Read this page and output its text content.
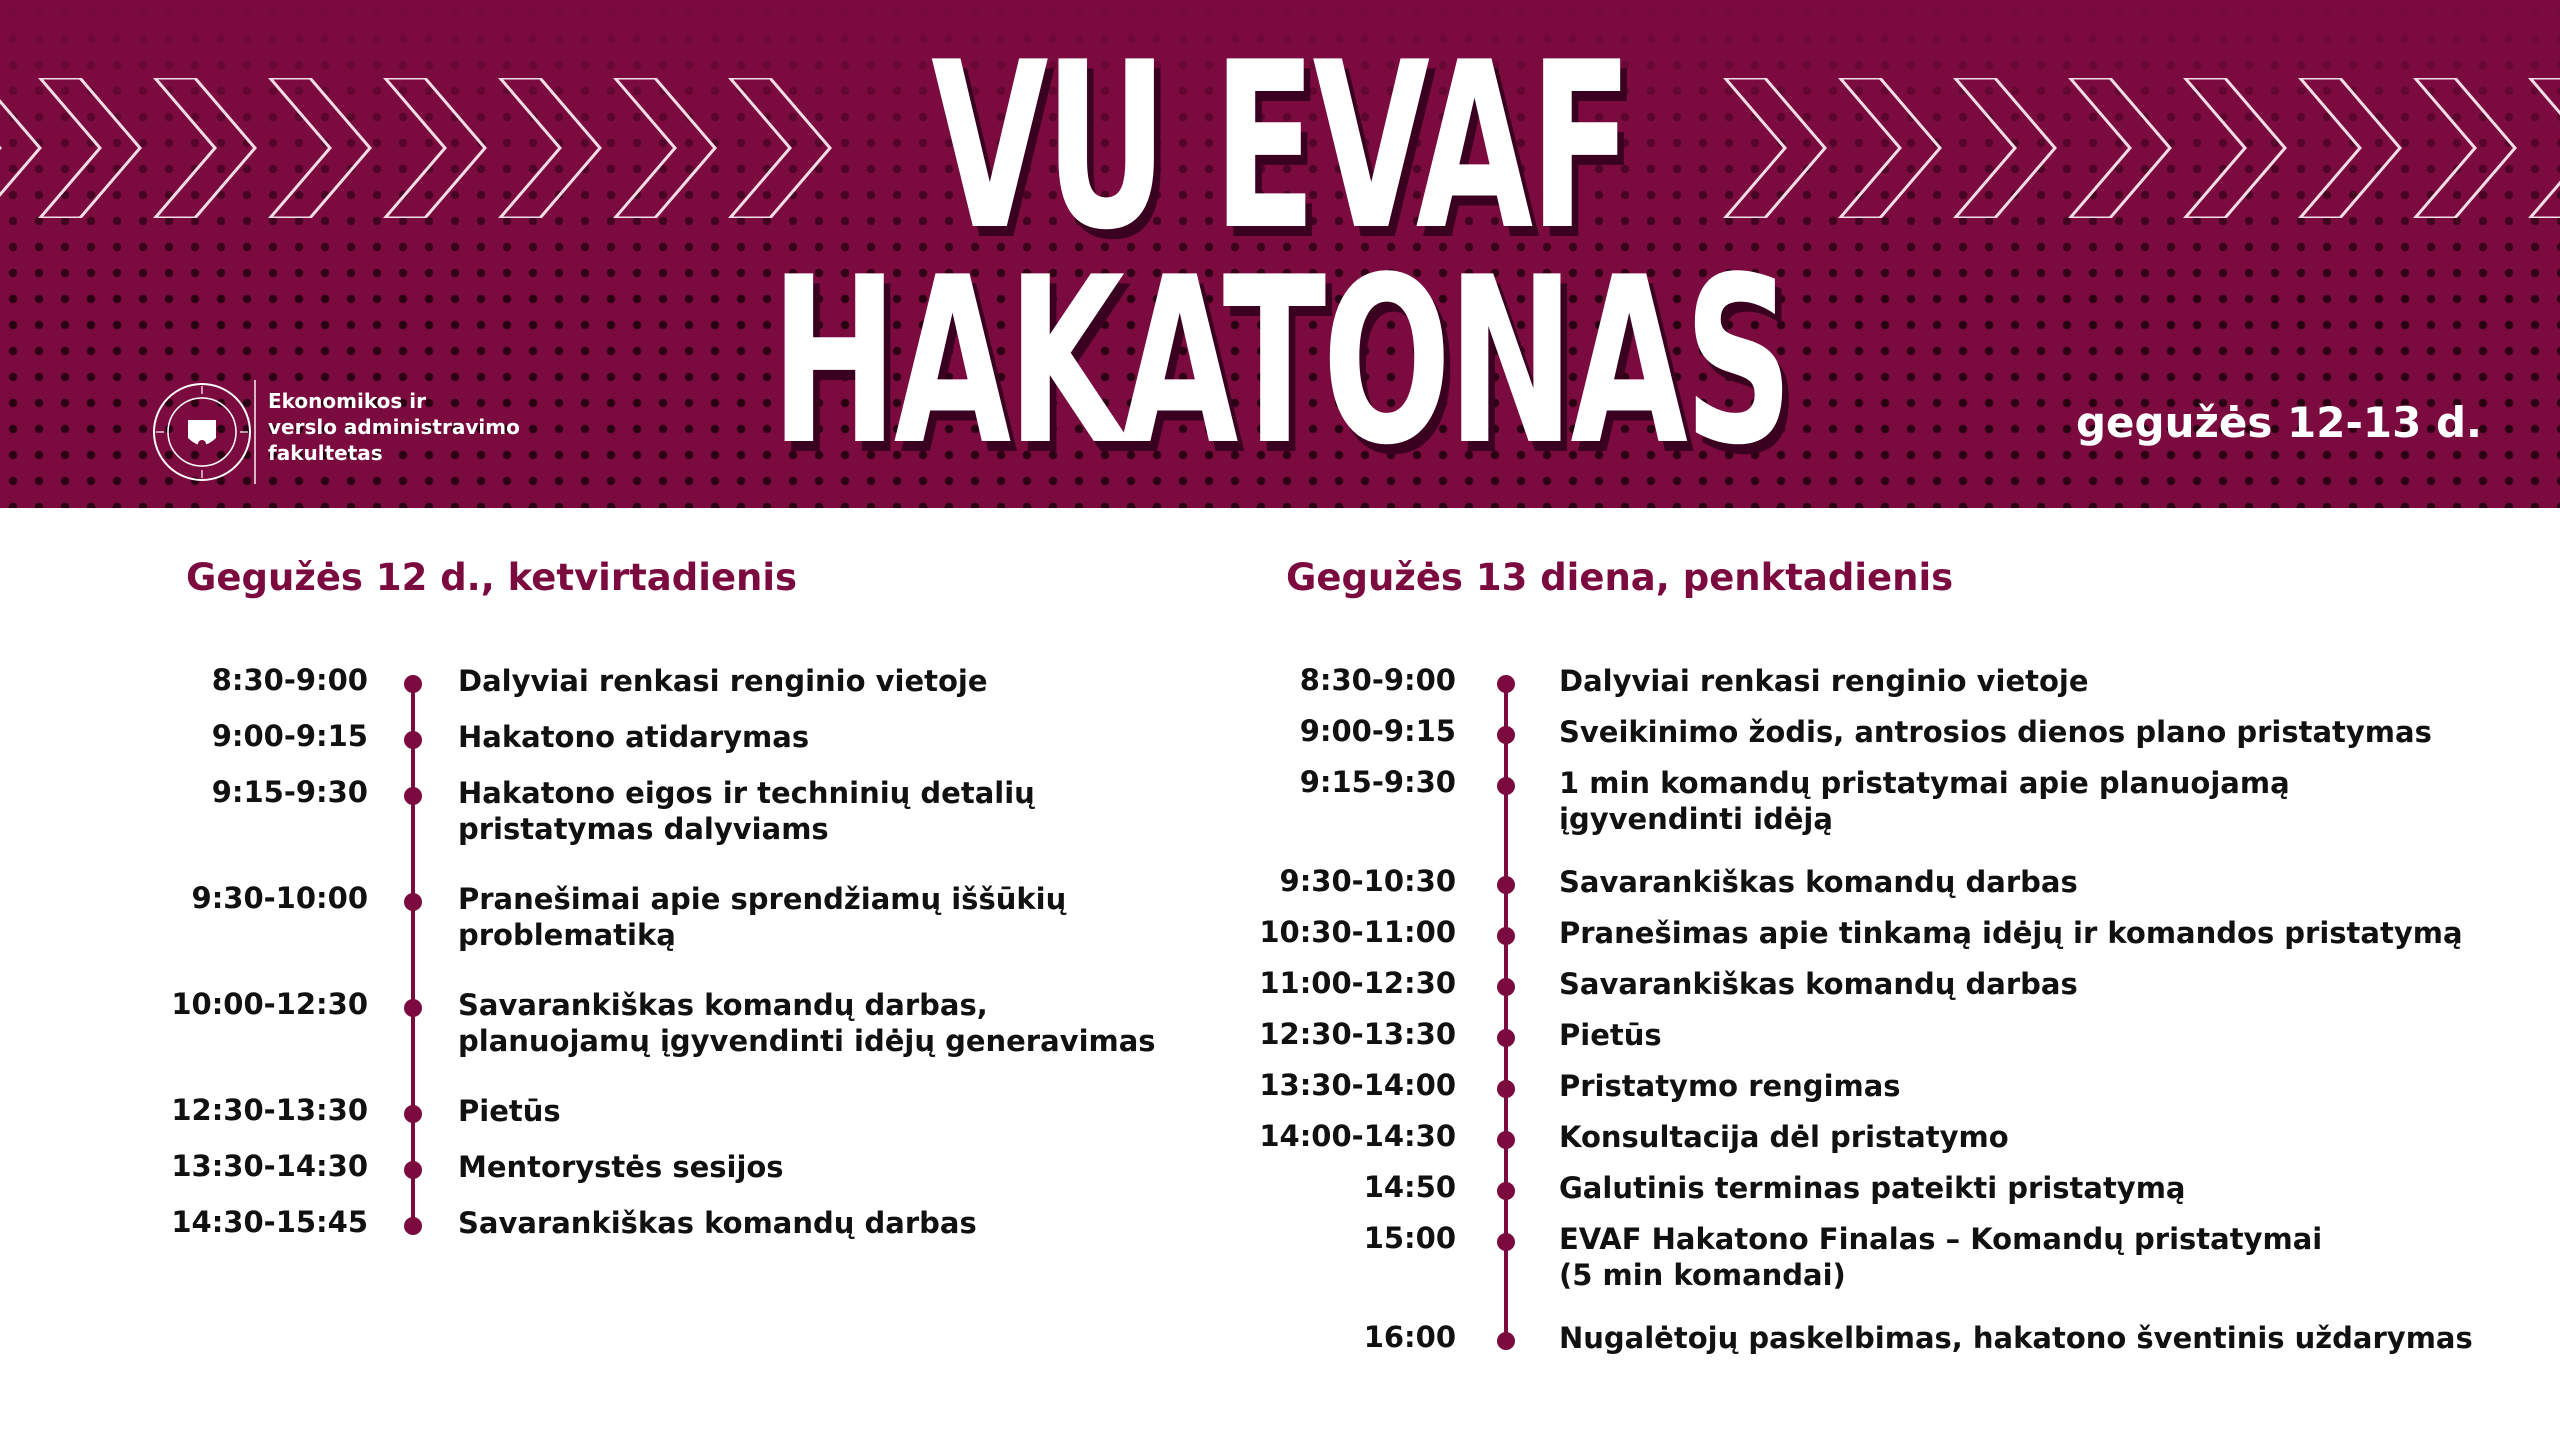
VU EVAF
HAKATONAS
Ekonomikos ir
verslo administravimo
fakultetas
gegužės 12-13 d.
Gegužės 12 d., ketvirtadienis	Gegužės 13 diena, penktadienis
8:30-9:00	Dalyviai renkasi renginio vietoje
9:00-9:15	Hakatono atidarymas
9:15-9:30	Hakatono eigos ir techninių detalių
pristatymas dalyviams
9:30-10:00	Pranešimai apie sprendžiamų iššūkių
problematiką
10:00-12:30	Savarankiškas komandų darbas,
planuojamų įgyvendinti idėjų generavimas
12:30-13:30	Pietūs
13:30-14:30	Mentorystės sesijos
14:30-15:45	Savarankiškas komandų darbas
8:30-9:00	Dalyviai renkasi renginio vietoje
9:00-9:15	Sveikinimo žodis, antrosios dienos plano pristatymas
9:15-9:30	1 min komandų pristatymai apie planuojamą
įgyvendinti idėją
9:30-10:30	Savarankiškas komandų darbas
10:30-11:00	Pranešimas apie tinkamą idėjų ir komandos pristatymą
11:00-12:30	Savarankiškas komandų darbas
12:30-13:30	Pietūs
13:30-14:00	Pristatymo rengimas
14:00-14:30	Konsultacija dėl pristatymo
14:50	Galutinis terminas pateikti pristatymą
15:00	EVAF Hakatono Finalas – Komandų pristatymai
(5 min komandai)
16:00	Nugalėtojų paskelbimas, hakatono šventinis uždarymas
